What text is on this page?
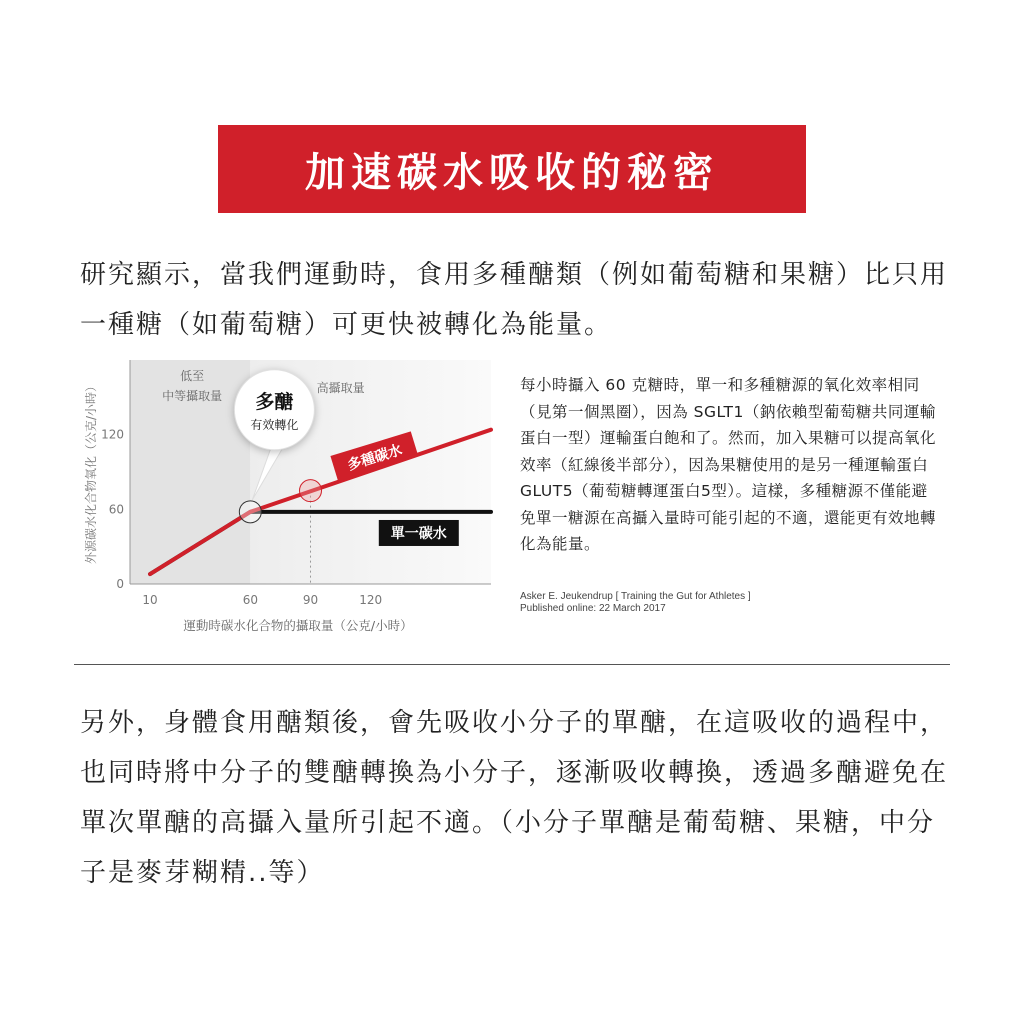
加速碳水吸收的秘密

研究顯示，當我們運動時，食用多種醣類（例如葡萄糖和果糖）比只用一種糖（如葡萄糖）可更快被轉化為能量。

低至
中等攝取量
高攝取量
0
60
120
10	60	90	120
運動時碳水化合物的攝取量（公克/小時）
外源碳水化合物氧化（公克/小時）	多種碳水
單一碳水
多醣
有效轉化

每小時攝入 60 克糖時，單一和多種糖源的氧化效率相同（見第一個黑圈），因為 SGLT1（鈉依賴型葡萄糖共同運輸蛋白一型）運輸蛋白飽和了。然而，加入果糖可以提高氧化效率（紅線後半部分），因為果糖使用的是另一種運輸蛋白 GLUT5（葡萄糖轉運蛋白5型）。這樣，多種糖源不僅能避免單一糖源在高攝入量時可能引起的不適，還能更有效地轉化為能量。

Asker E. Jeukendrup [ Training the Gut for Athletes ]
Published online: 22 March 2017

另外，身體食用醣類後，會先吸收小分子的單醣，在這吸收的過程中，也同時將中分子的雙醣轉換為小分子，逐漸吸收轉換，透過多醣避免在單次單醣的高攝入量所引起不適。（小分子單醣是葡萄糖、果糖，中分子是麥芽糊精..等）
